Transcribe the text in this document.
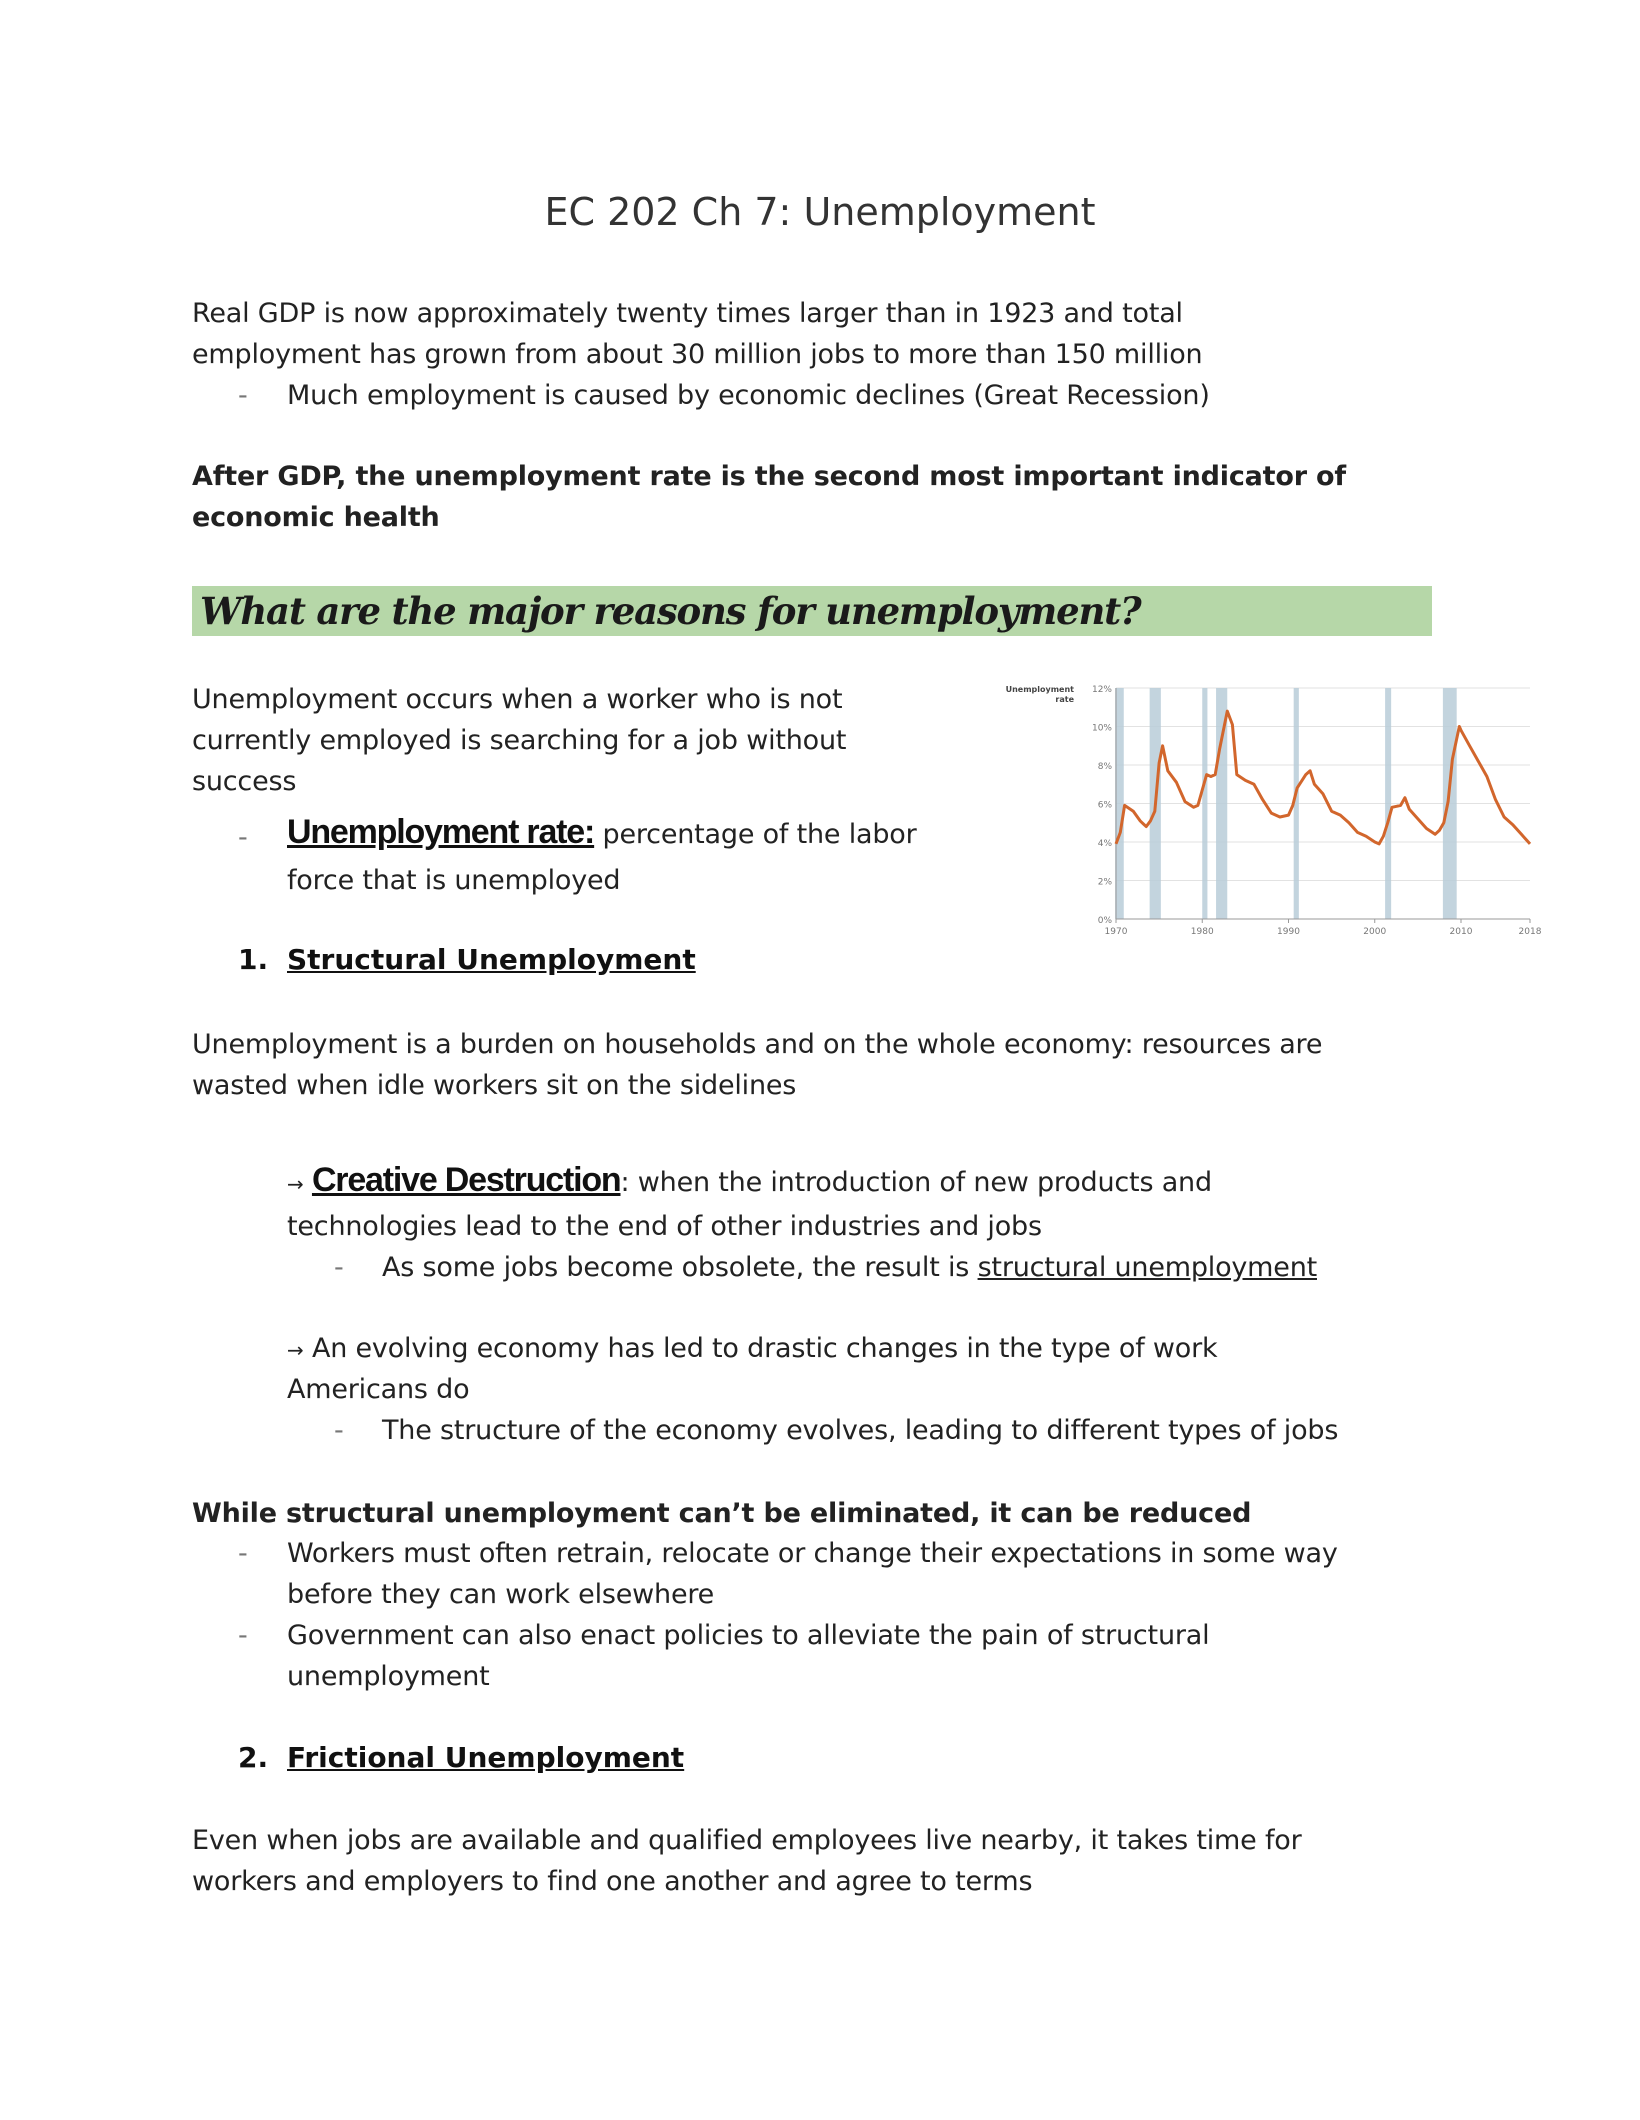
EC 202 Ch 7: Unemployment
Real GDP is now approximately twenty times larger than in 1923 and total
employment has grown from about 30 million jobs to more than 150 million
- Much employment is caused by economic declines (Great Recession)
After GDP, the unemployment rate is the second most important indicator of
economic health
What are the major reasons for unemployment?
Unemployment occurs when a worker who is not
currently employed is searching for a job without
success
- Unemployment rate: percentage of the labor
force that is unemployed
1. Structural Unemployment
Unemployment is a burden on households and on the whole economy: resources are
wasted when idle workers sit on the sidelines
→ Creative Destruction: when the introduction of new products and
technologies lead to the end of other industries and jobs
- As some jobs become obsolete, the result is structural unemployment
→ An evolving economy has led to drastic changes in the type of work
Americans do
- The structure of the economy evolves, leading to different types of jobs
While structural unemployment can’t be eliminated, it can be reduced
- Workers must often retrain, relocate or change their expectations in some way
before they can work elsewhere
- Government can also enact policies to alleviate the pain of structural
unemployment
2. Frictional Unemployment
Even when jobs are available and qualified employees live nearby, it takes time for
workers and employers to find one another and agree to terms
0%
2%
4%
6%
8%
10%
12%
1970	1980	1990	2000	2010	2018
Unemployment
rate
